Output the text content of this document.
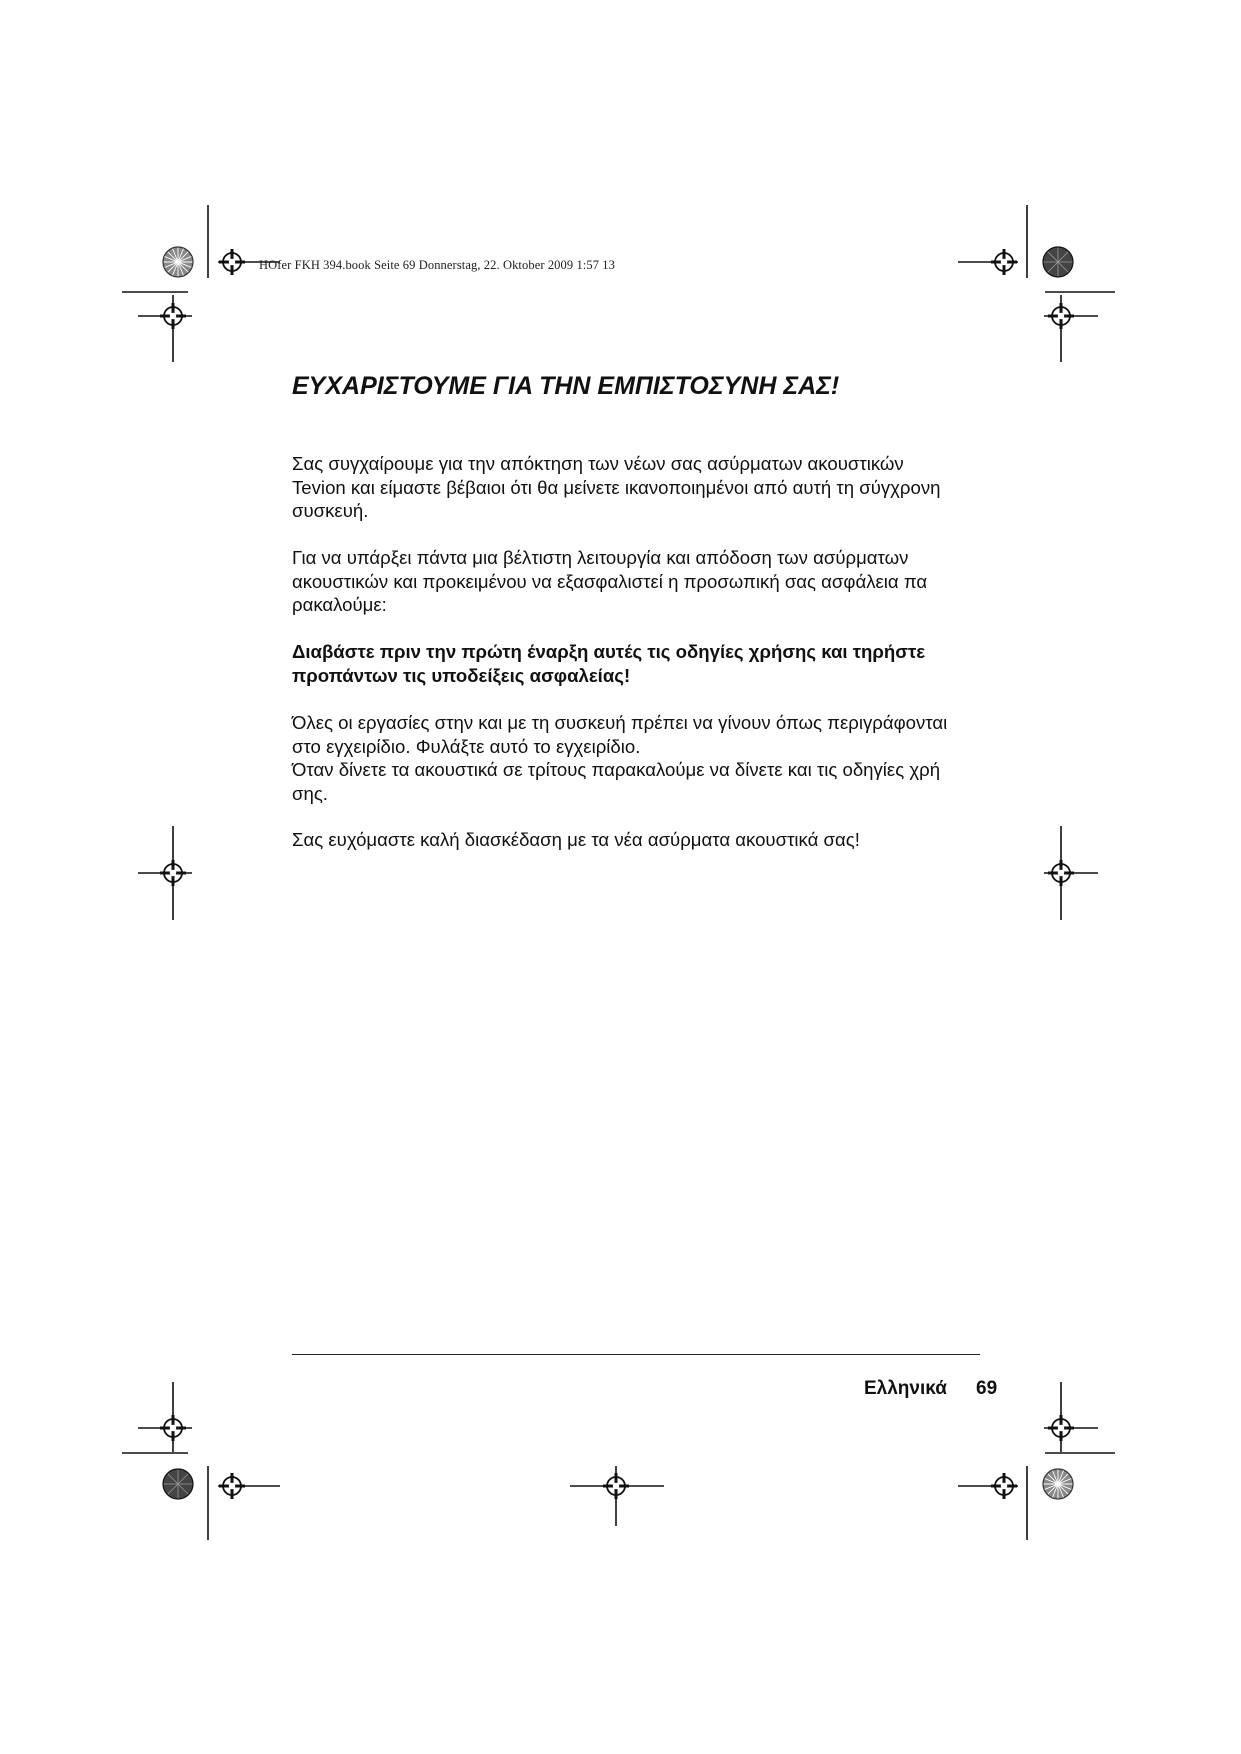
HOfer FKH 394.book Seite 69 Donnerstag, 22. Oktober 2009 1:57 13
ΕΥΧΑΡΙΣΤΟΥΜΕ ΓΙΑ ΤΗΝ ΕΜΠΙΣΤΟΣΥΝΗ ΣΑΣ!

Σας συγχαίρουμε για την απόκτηση των νέων σας ασύρματων ακουστικών
Tevion και είμαστε βέβαιοι ότι θα μείνετε ικανοποιημένοι από αυτή τη σύγχρονη
συσκευή.

Για να υπάρξει πάντα μια βέλτιστη λειτουργία και απόδοση των ασύρματων
ακουστικών και προκειμένου να εξασφαλιστεί η προσωπική σας ασφάλεια πα
ρακαλούμε:

Διαβάστε πριν την πρώτη έναρξη αυτές τις οδηγίες χρήσης και τηρήστε
προπάντων τις υποδείξεις ασφαλείας!

Όλες οι εργασίες στην και με τη συσκευή πρέπει να γίνουν όπως περιγράφονται
στο εγχειρίδιο. Φυλάξτε αυτό το εγχειρίδιο.
Όταν δίνετε τα ακουστικά σε τρίτους παρακαλούμε να δίνετε και τις οδηγίες χρή
σης.

Σας ευχόμαστε καλή διασκέδαση με τα νέα ασύρματα ακουστικά σας!

Ελληνικά 69
